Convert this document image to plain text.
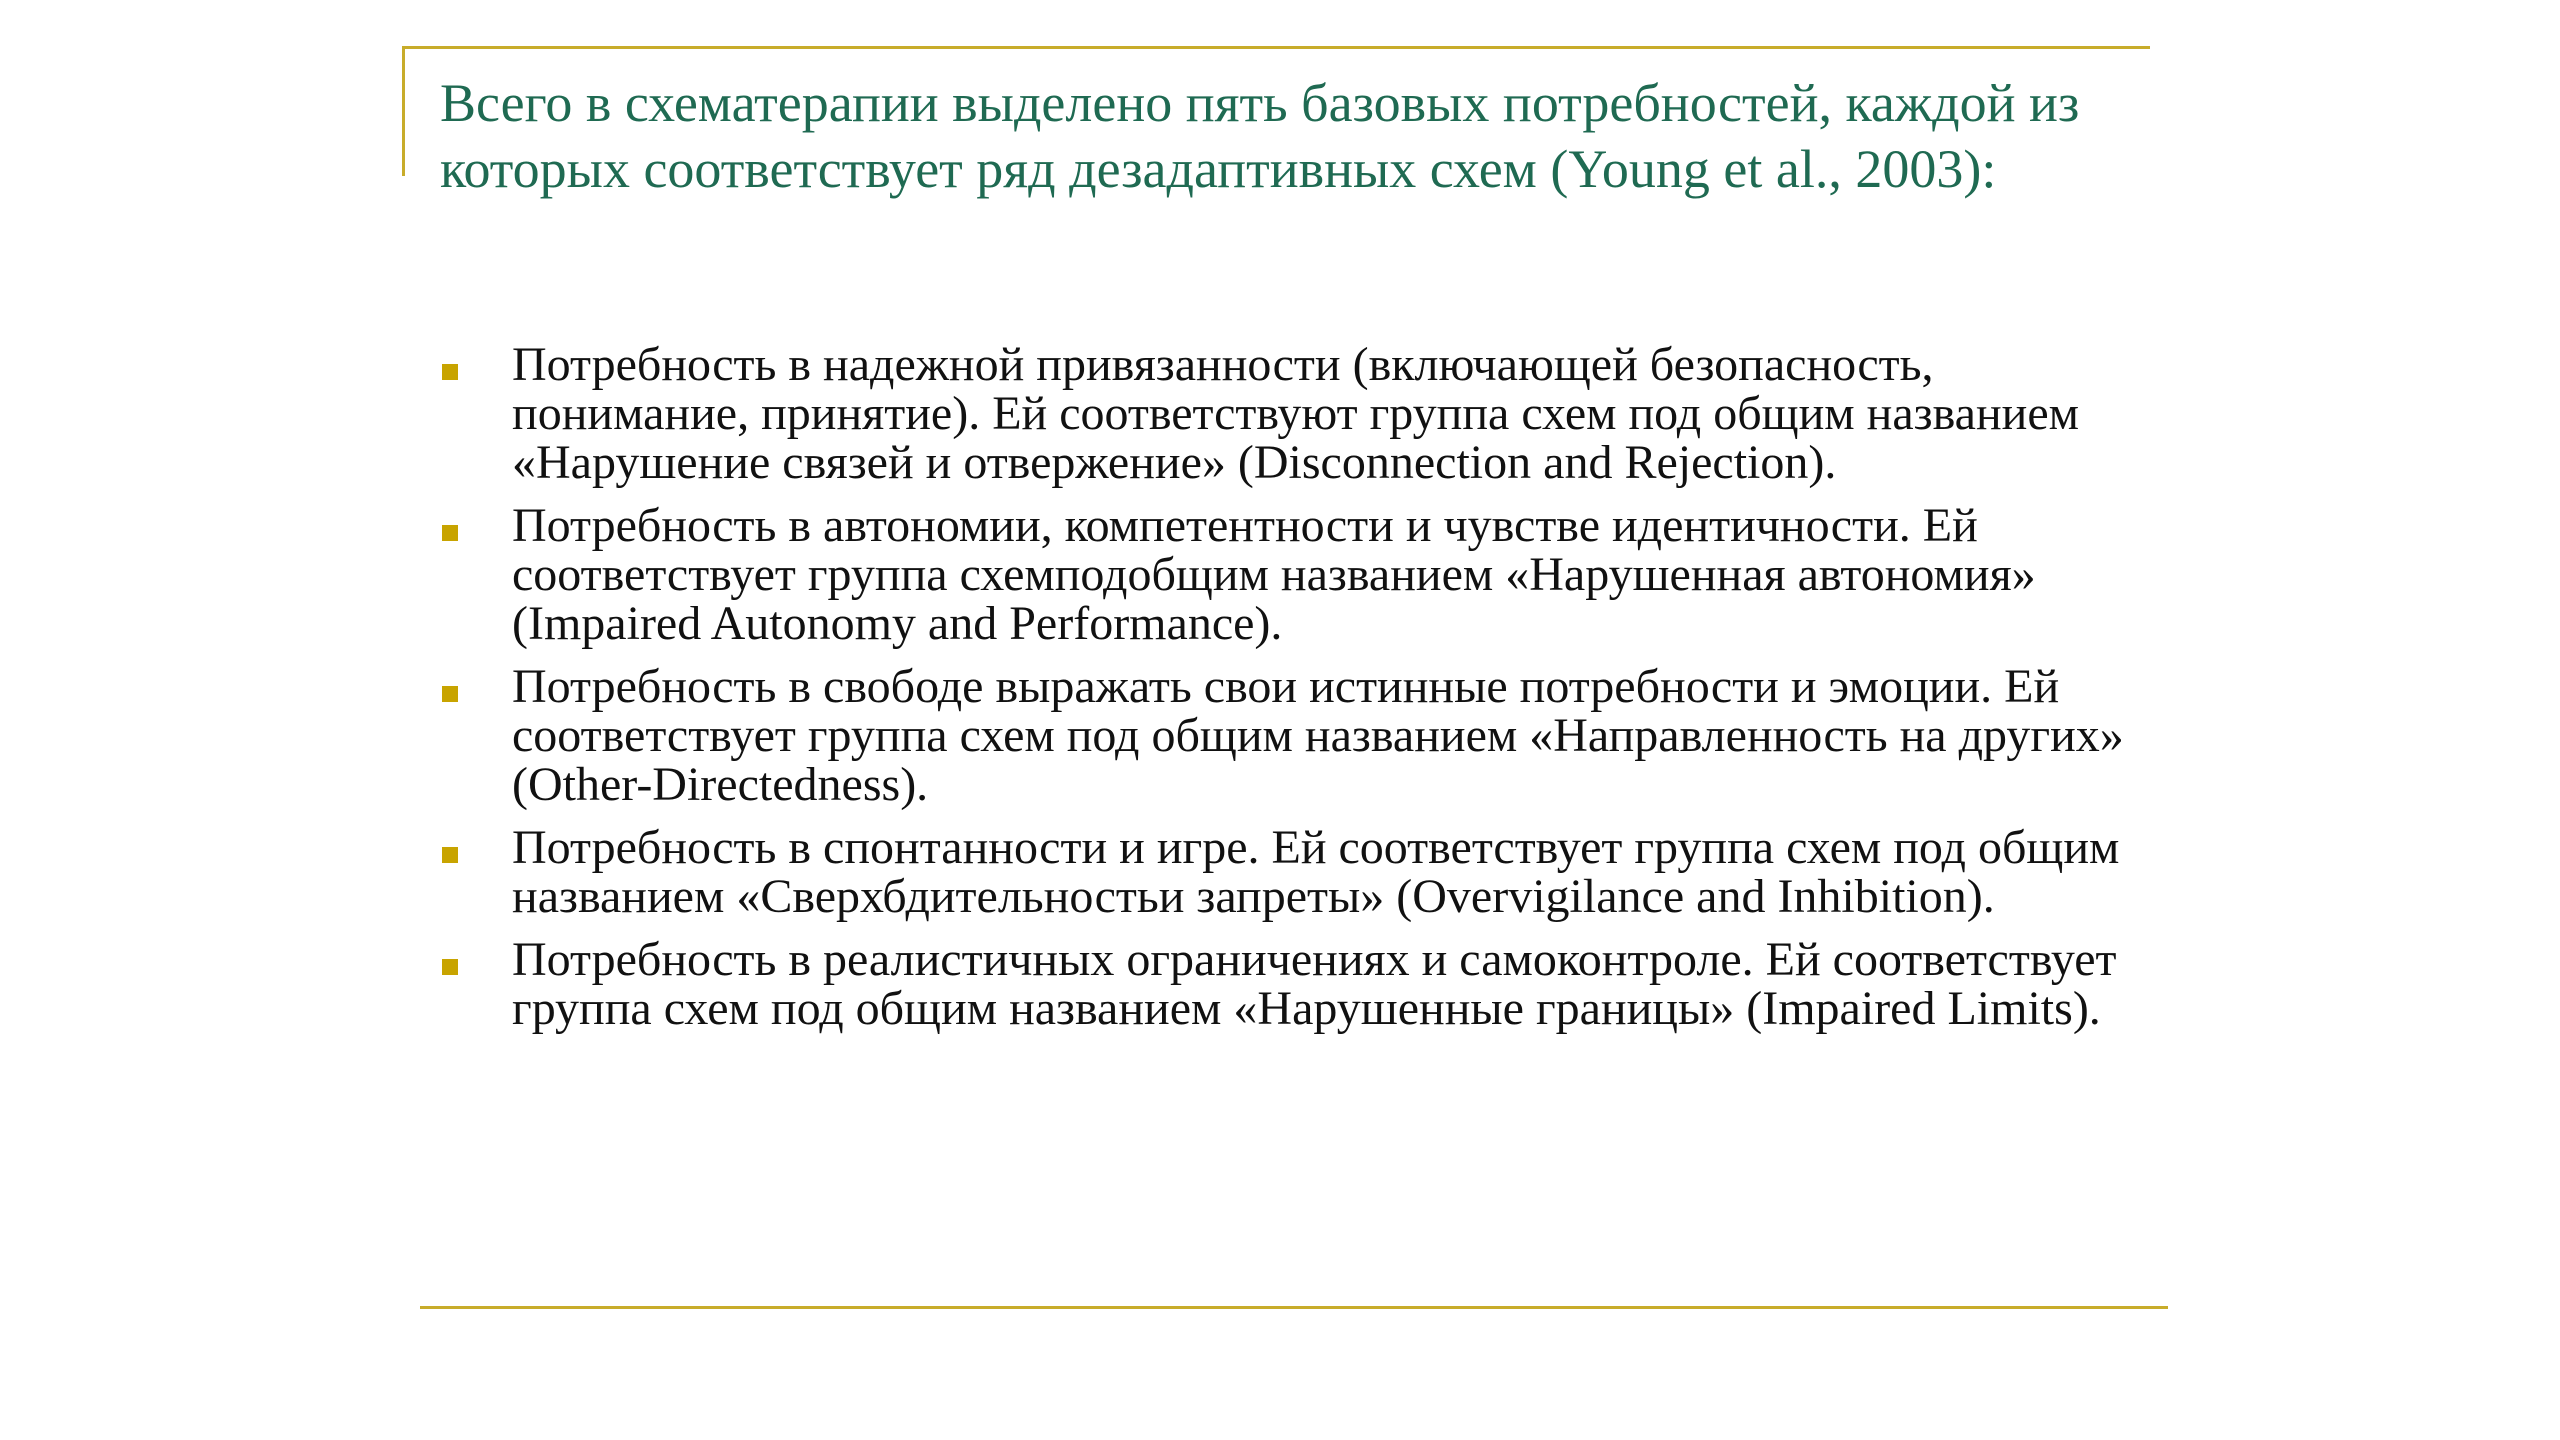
Всего в схематерапии выделено пять базовых потребностей, каждой из которых соответствует ряд дезадаптивных схем (Young et al., 2003):
Потребность в надежной привязанности (включающей безопасность, понимание, принятие). Ей соответствуют группа схем под общим названием «Нарушение связей и отвержение» (Disconnection and Rejection).
Потребность в автономии, компетентности и чувстве идентичности. Ей соответствует группа схемподобщим названием «Нарушенная автономия» (Impaired Autonomy and Performance).
Потребность в свободе выражать свои истинные потребности и эмоции. Ей соответствует группа схем под общим названием «Направленность на других» (Other-Directedness).
Потребность в спонтанности и игре. Ей соответствует группа схем под общим названием «Сверхбдительностьи запреты» (Overvigilance and Inhibition).
Потребность в реалистичных ограничениях и самоконтроле. Ей соответствует группа схем под общим названием «Нарушенные границы» (Impaired Limits).
